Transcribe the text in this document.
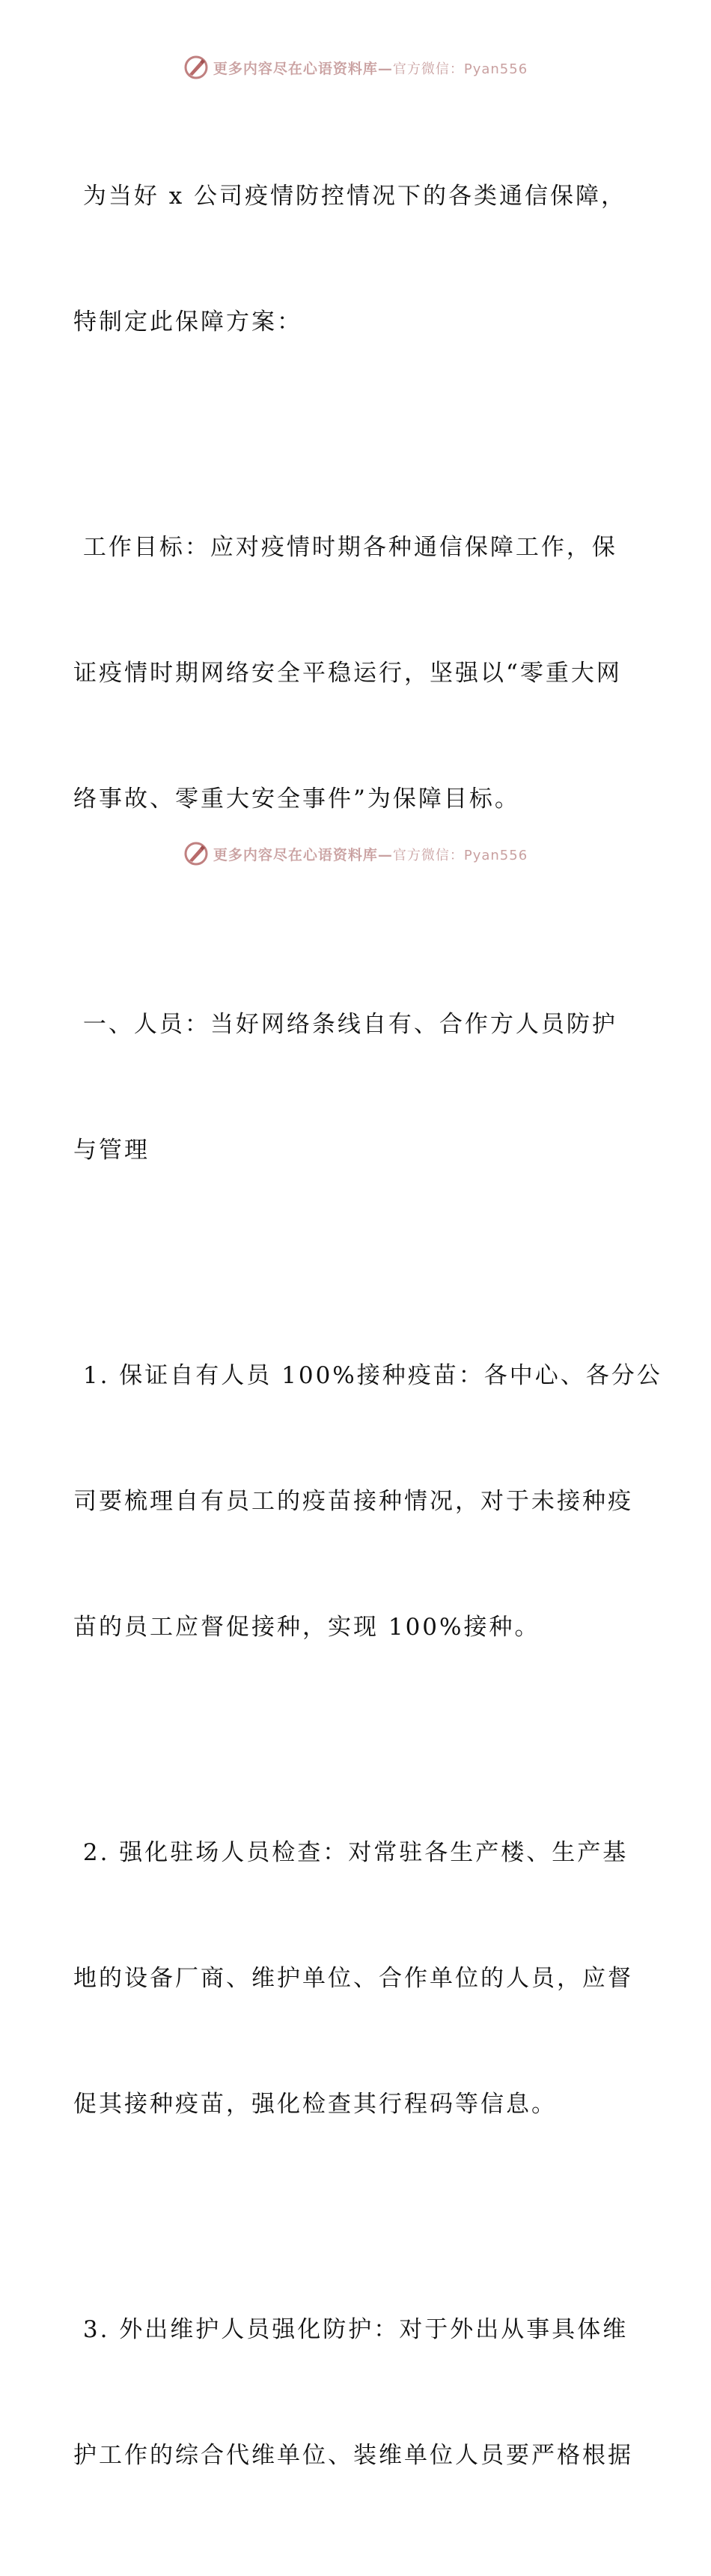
更多内容尽在心语资料库—官方微信：Pyan556

为当好 x 公司疫情防控情况下的各类通信保障，

特制定此保障方案：

工作目标：应对疫情时期各种通信保障工作，保

证疫情时期网络安全平稳运行，坚强以“零重大网

络事故、零重大安全事件”为保障目标。

一、人员：当好网络条线自有、合作方人员防护

与管理

1. 保证自有人员 100%接种疫苗：各中心、各分公

司要梳理自有员工的疫苗接种情况，对于未接种疫

苗的员工应督促接种，实现 100%接种。

2. 强化驻场人员检查：对常驻各生产楼、生产基

地的设备厂商、维护单位、合作单位的人员，应督

促其接种疫苗，强化检查其行程码等信息。

3. 外出维护人员强化防护：对于外出从事具体维

护工作的综合代维单位、装维单位人员要严格根据

更多内容尽在心语资料库—官方微信：Pyan556
